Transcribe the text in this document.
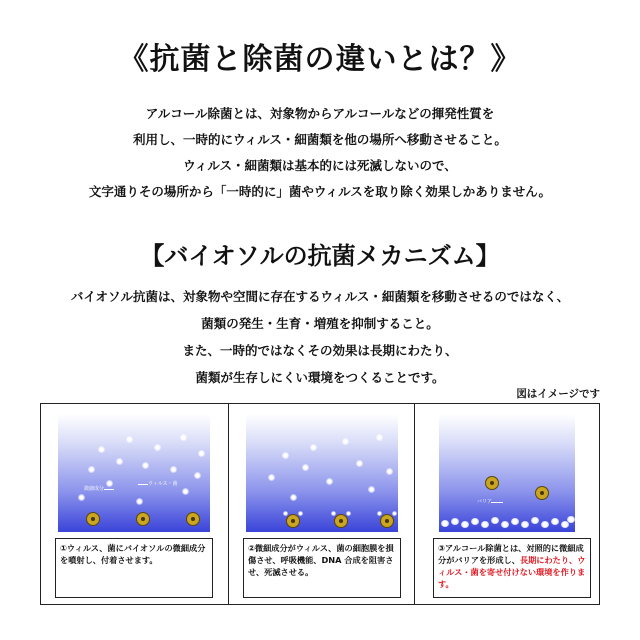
《抗菌と除菌の違いとは？》
アルコール除菌とは、対象物からアルコールなどの揮発性質を
利用し、一時的にウィルス・細菌類を他の場所へ移動させること。
ウィルス・細菌類は基本的には死滅しないので、
文字通りその場所から「一時的に」菌やウィルスを取り除く効果しかありません。
【バイオソルの抗菌メカニズム】
バイオソル抗菌は、対象物や空間に存在するウィルス・細菌類を移動させるのではなく、
菌類の発生・生育・増殖を抑制すること。
また、一時的ではなくその効果は長期にわたり、
菌類が生存しにくい環境をつくることです。
図はイメージです
微細成分
ウィルス・菌
①ウィルス、菌にバイオソルの微細成分を噴射し、付着させます。
②微細成分がウィルス、菌の細胞膜を損傷させ、呼吸機能、DNA 合成を阻害させ、死滅させる。
バリア
③アルコール除菌とは、対照的に微細成分がバリアを形成し、長期にわたり、ウィルス・菌を寄せ付けない環境を作ります。
